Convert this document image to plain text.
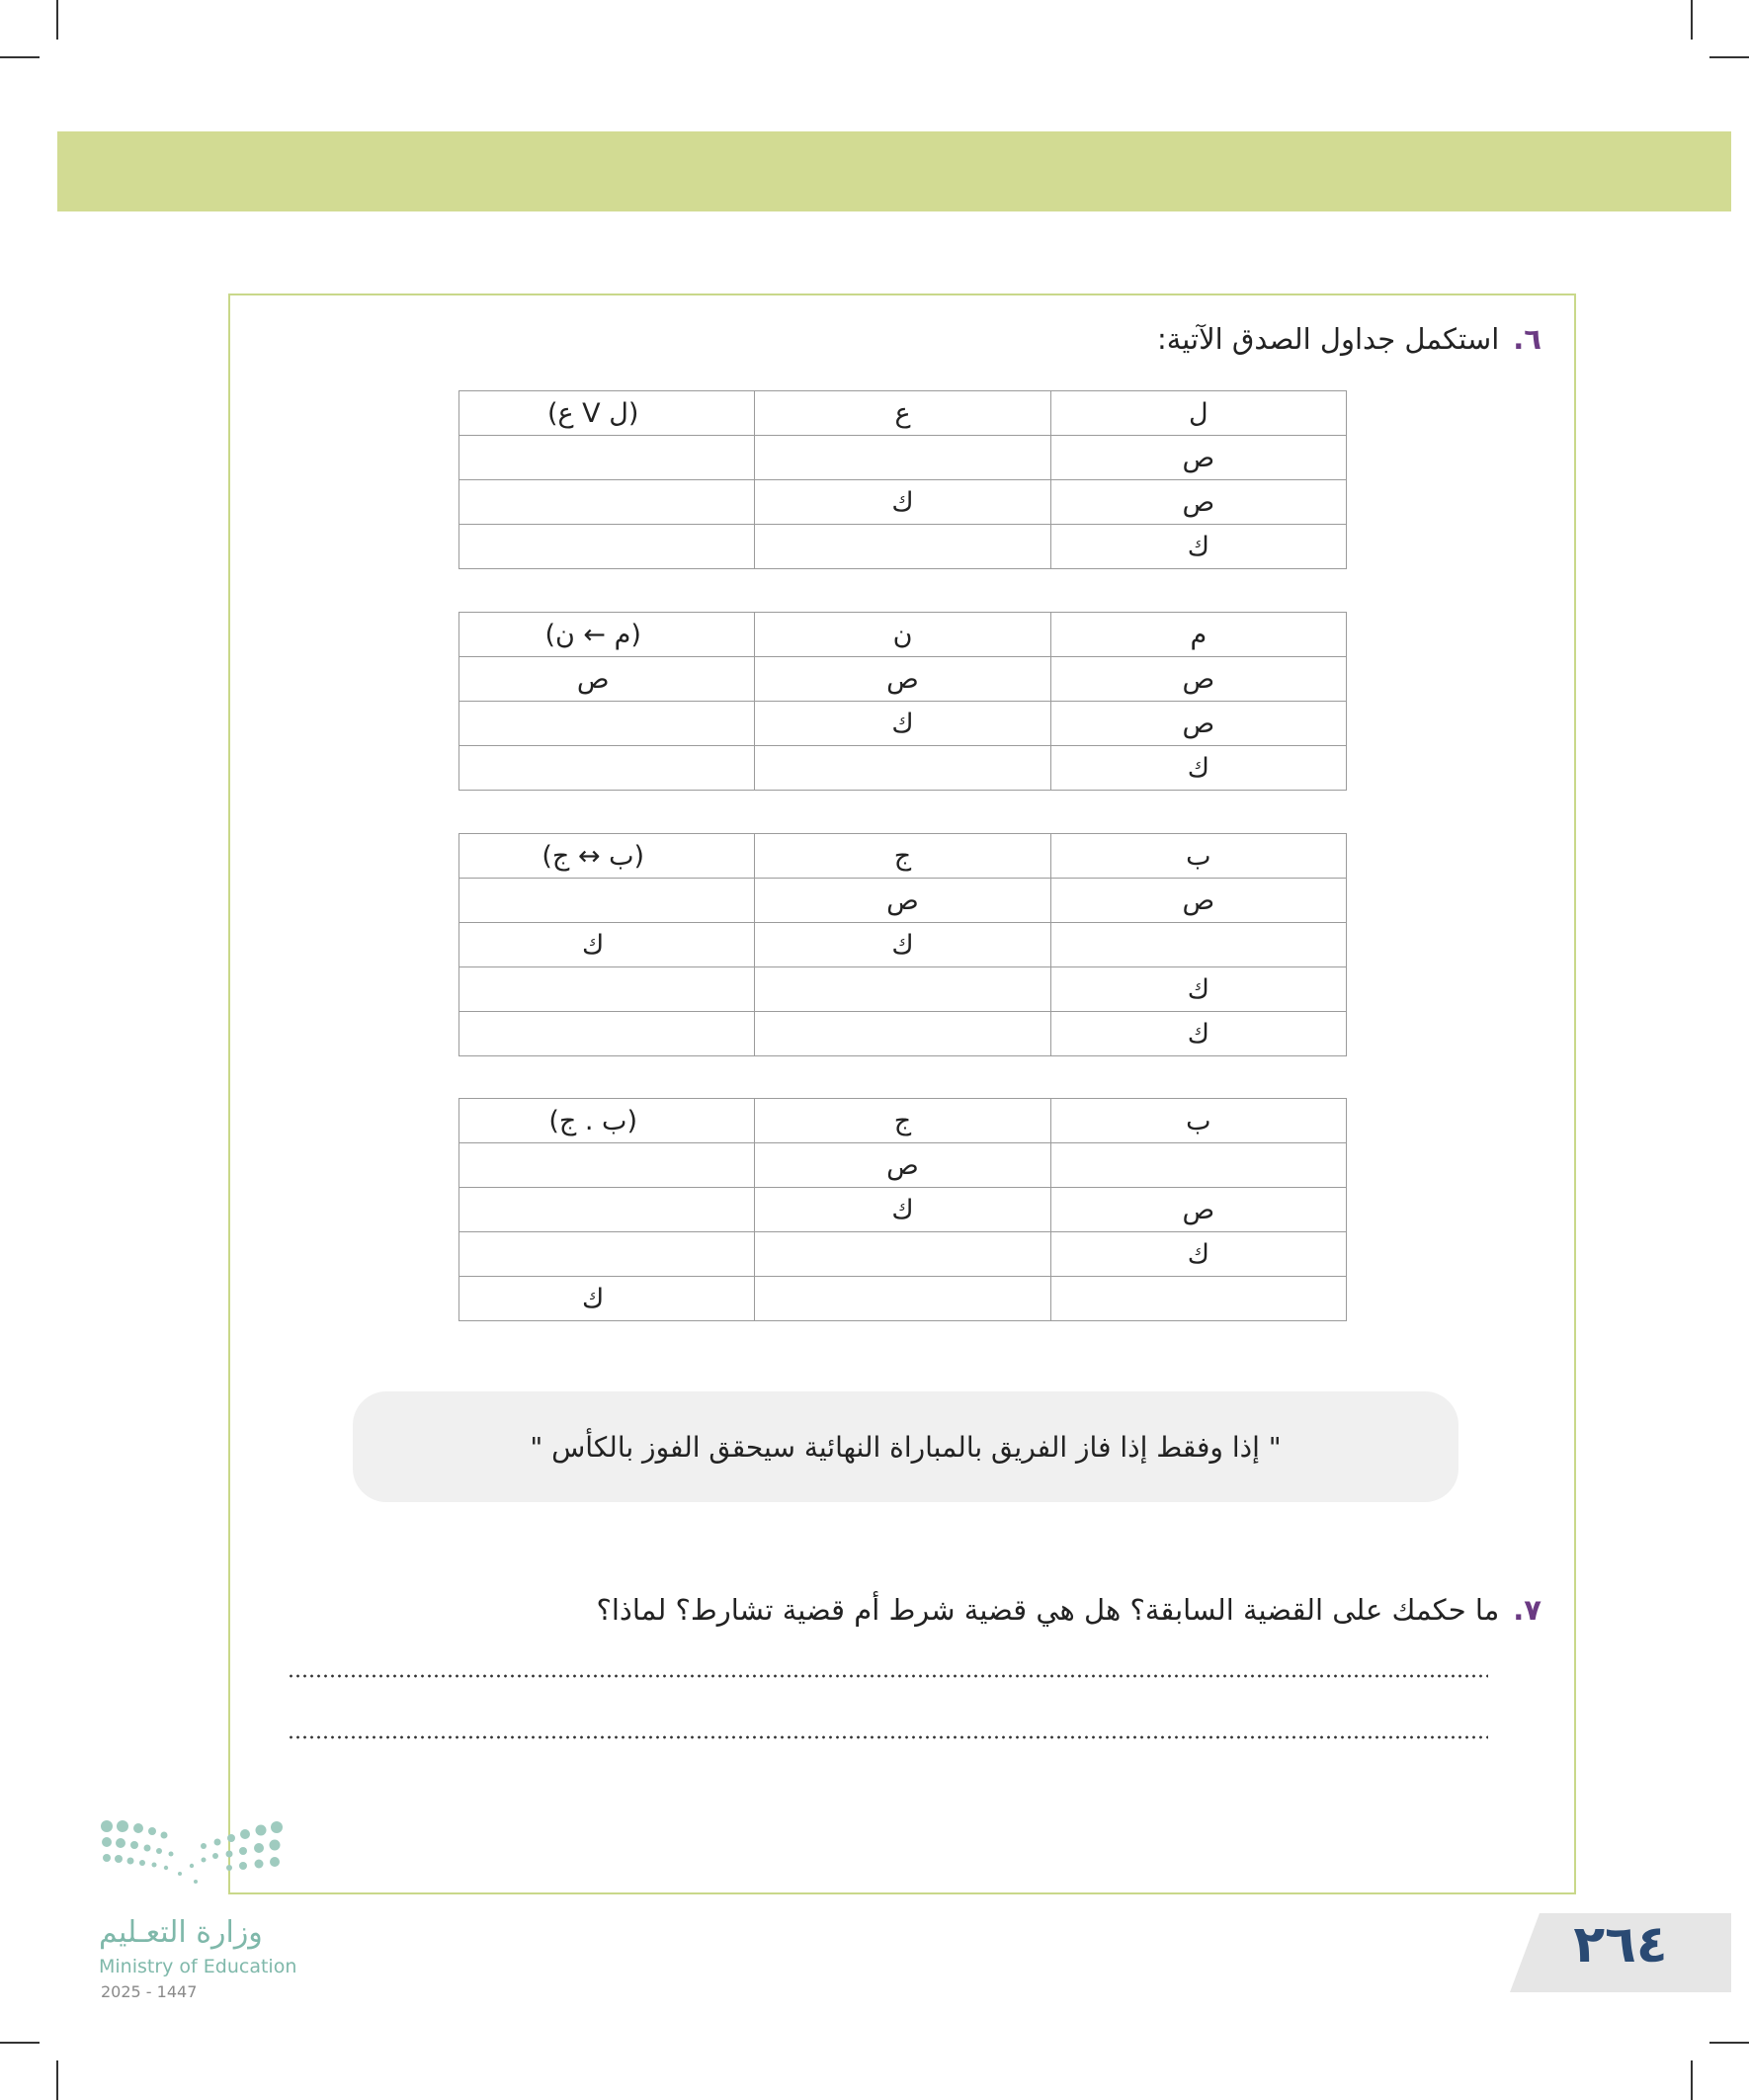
٦.استكمل جداول الصدق الآتية:
ل	ع	(ل V ع)
ص		
ص	ك	
ك		
م	ن	(م ← ن)
ص	ص	ص
ص	ك	
ك		
ب	ج	(ب ↔ ج)
ص	ص	
	ك	ك
ك		
ك		
ب	ج	(ب . ج)
	ص	
ص	ك	
ك		
		ك
" إذا وفقط إذا فاز الفريق بالمباراة النهائية سيحقق الفوز بالكأس "
٧.ما حكمك على القضية السابقة؟ هل هي قضية شرط أم قضية تشارط؟ لماذا؟
وزارة التعـليم
Ministry of Education
2025 - 1447
٢٦٤
